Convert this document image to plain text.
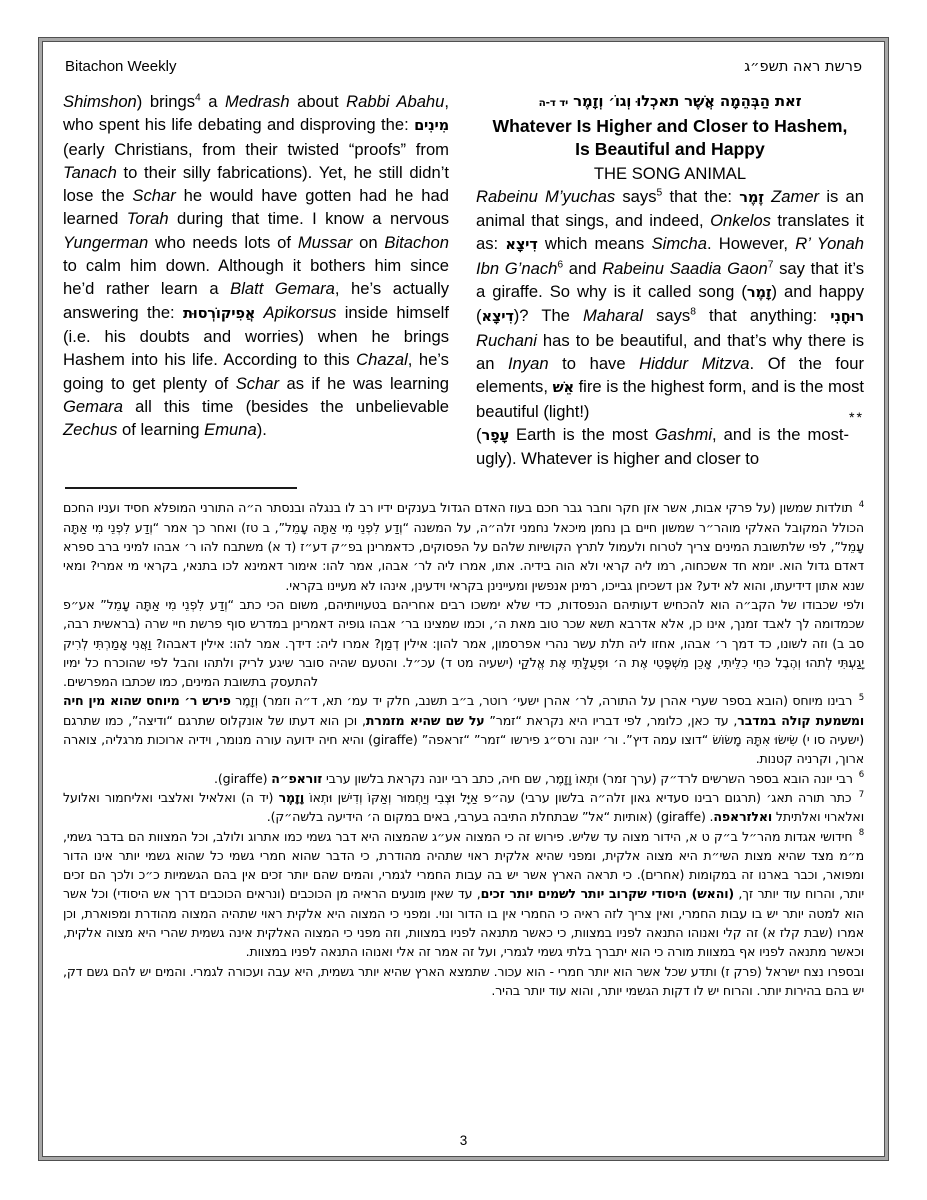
Bitachon Weekly	פרשת ראה תשפ״ג

Shimshon) brings$^4$ a Medrash about Rabbi Abahu, who spent his life debating and disproving the: מִינִים (early Christians, from their twisted “proofs” from Tanach to their silly fabrications). Yet, he still didn’t lose the Schar he would have gotten had he had learned Torah during that time. I know a nervous Yungerman who needs lots of Mussar on Bitachon to calm him down. Although it bothers him since he’d rather learn a Blatt Gemara, he’s actually answering the: אֲפִיקוֹרְסוּת Apikorsus inside himself (i.e. his doubts and worries) when he brings Hashem into his life. According to this Chazal, he’s going to get plenty of Schar as if he was learning Gemara all this time (besides the unbelievable Zechus of learning Emuna).

זאת הַבְּהֵמָה אֲשֶׁר תאכְלוּ וְגוֹ׳ וְזָמֶר יד ד-ה
Whatever Is Higher and Closer to Hashem,
Is Beautiful and Happy
THE SONG ANIMAL

Rabeinu M’yuchas says$^5$ that the: זֶמֶר Zamer is an animal that sings, and indeed, Onkelos translates it as: דִיצָא which means Simcha. However, R’ Yonah Ibn G’nach$^6$ and Rabeinu Saadia Gaon$^7$ say that it’s a giraffe. So why is it called song (זָמֶר) and happy (דִיצָא)? The Maharal says$^8$ that anything: רוּחָנִי Ruchani has to be beautiful, and that’s why there is an Inyan to have Hiddur Mitzva. Of the four elements, אֵשׁ fire is the highest form, and is the most beautiful (light!)	**

(עָפָר Earth is the most Gashmi, and is the most-ugly). Whatever is higher and closer to

$^4$ תולדות שמשון (על פרקי אבות, אשר אזן חקר וחבר גבר חכם בעוז האדם הגדול בענקים ידיו רב לו בנגלה ובנסתר ה״ה התורני המופלא חסיד ועניו החכם הכולל המקובל האלקי מוהר״ר שמשון חיים בן נחמן מיכאל נחמני זלה״ה, על המשנה “וְדַע לִפְנֵי מִי אַתָּה עָמֵל”, ב טז) ואחר כך אמר “וְדַע לִפְנֵי מִי אַתָּה עָמֵל”, לפי שלתשובת המינים צריך לטרוח ולעמול לתרץ הקושיות שלהם על הפסוקים, כדאמרינן בפ״ק דע״ז (ד א) משתבח להו ר׳ אבהו למיני ברב ספרא דאדם גדול הוא. יומא חד אשכחוה, רמו ליה קראי ולא הוה בידיה. אתו, אמרו ליה לר׳ אבהו, אמר להו: אימור דאמינא לכו בתנאי, בקראי מי אמרי? ומאי שנא אתון דידיעתו, והוא לא ידע? אנן דשכיחן גבייכו, רמינן אנפשין ומעיינינן בקראי וידעינן, אינהו לא מעיינו בקראי.
ולפי שכבודו של הקב״ה הוא להכחיש דעותיהם הנפסדות, כדי שלא ימשכו רבים אחריהם בטעויותיהם, משום הכי כתב “וְדַע לִפְנֵי מִי אַתָּה עָמֵל” אע״פ שכמדומה לך לאבד זמנך, אינו כן, אלא אדרבא תשא שכר טוב מאת ה׳, וכמו שמצינו בר׳ אבהו גופיה דאמרינן במדרש סוף פרשת חיי שרה (בראשית רבה, סב ב) וזה לשונו, כד דמך ר׳ אבהו, אחזו ליה תלת עשר נהרי אפרסמון, אמר להון: אילין דְמַן? אמרו ליה: דידך. אמר להו: אילין דאבהו? וַאֲנִי אָמַרְתִּי לְרִיק יָגַעְתִּי לְתהוּ וְהֶבֶל כּחִי כִלֵּיתִי, אָכֵן מִשְׁפָּטִי אֶת ה׳ וּפְעֻלָּתִי אֶת אֱלֹקַי (ישעיה מט ד) עכ״ל. והטעם שהיה סובר שיגע לריק ולתהו והבל לפי שהוכרח כל ימיו להתעסק בתשובת המינים, כמו שכתבו המפרשים.
$^5$ רבינו מיוחס (הובא בספר שערי אהרן על התורה, לר׳ אהרן ישעי׳ רוטר, ב״ב תשנב, חלק יד עמ׳ תא, ד״ה וזמר) וְזָמֶר פירש ר׳ מיוחס שהוא מין חיה ומשמעת קולה במדבר, עד כאן, כלומר, לפי דבריו היא נקראת “זמר” על שם שהיא מזמרת, וכן הוא דעתו של אונקלוס שתרגם “ודיצה”, כמו שתרגם (ישעיה סו י) שִׂישׂוּ אִתָּהּ מָשׂוֹשׂ “דוצו עמה דיץ”. ור׳ יונה ורס״ג פירשו “זמר” “זראפה” (giraffe) והיא חיה ידועה עורה מנומר, וידיה ארוכות מרגליה, צוארה ארוך, וקרניה קטנות.
$^6$ רבי יונה הובא בספר השרשים לרד״ק (ערך זמר) וּתְאוֹ וָזָמֶר, שם חיה, כתב רבי יונה נקראת בלשון ערבי זוראפ״ה (giraffe).
$^7$ כתר תורה תאג׳ (תרגום רבינו סעדיא גאון זלה״ה בלשון ערבי) עה״פ אַיָּל וּצְבִי וְיַחְמוּר וְאַקּוֹ וְדִישׁן וּתְאוֹ וָזָמֶר (יד ה) ואלאיל ואלצבי ואליחמור ואלועל ואלארוי ואלתיתל ואלזראפה. (giraffe) (אותיות “אל” שבתחלת התיבה בערבי, באים במקום ה׳ הידיעה בלשה״ק).
$^8$ חידושי אגדות מהר״ל ב״ק ט א, הידור מצוה עד שליש. פירוש זה כי המצוה אע״ג שהמצוה היא דבר גשמי כמו אתרוג ולולב, וכל המצוות הם בדבר גשמי, מ״מ מצד שהיא מצות השי״ת היא מצוה אלקית, ומפני שהיא אלקית ראוי שתהיה מהודרת, כי הדבר שהוא חמרי גשמי כל שהוא גשמי יותר אינו הדור ומפואר, וכבר בארנו זה במקומות (אחרים). כי תראה הארץ אשר יש בה עבות החמרי לגמרי, והמים שהם יותר זכים אין בהם הגשמיות כ״כ ולכך הם זכים יותר, והרוח עוד יותר זך, (והאש) היסודי שקרוב יותר לשמים יותר זכים, עד שאין מונעים הראיה מן הכוכבים (ונראים הכוכבים דרך אש היסודי) וכל אשר הוא למטה יותר יש בו עבות החמרי, ואין צריך לזה ראיה כי החמרי אין בו הדור ונוי. ומפני כי המצוה היא אלקית ראוי שתהיה המצוה מהודרת ומפוארת, וכן אמרו (שבת קלז א) זה קלי ואנוהו התנאה לפניו במצוות, כי כאשר מתנאה לפניו במצוות, וזה מפני כי המצוה האלקית אינה גשמית שהרי היא מצוה אלקית, וכאשר מתנאה לפניו אף במצוות מורה כי הוא יתברך בלתי גשמי לגמרי, ועל זה אמר זה אלי ואנוהו התנאה לפניו במצוות.
ובספרו נצח ישראל (פרק ז) ותדע שכל אשר הוא יותר חמרי - הוא עכור. שתמצא הארץ שהיא יותר גשמית, היא עבה ועכורה לגמרי. והמים יש להם גשם דק, יש בהם בהירות יותר. והרוח יש לו דקות הגשמי יותר, והוא עוד יותר בהיר.
3
